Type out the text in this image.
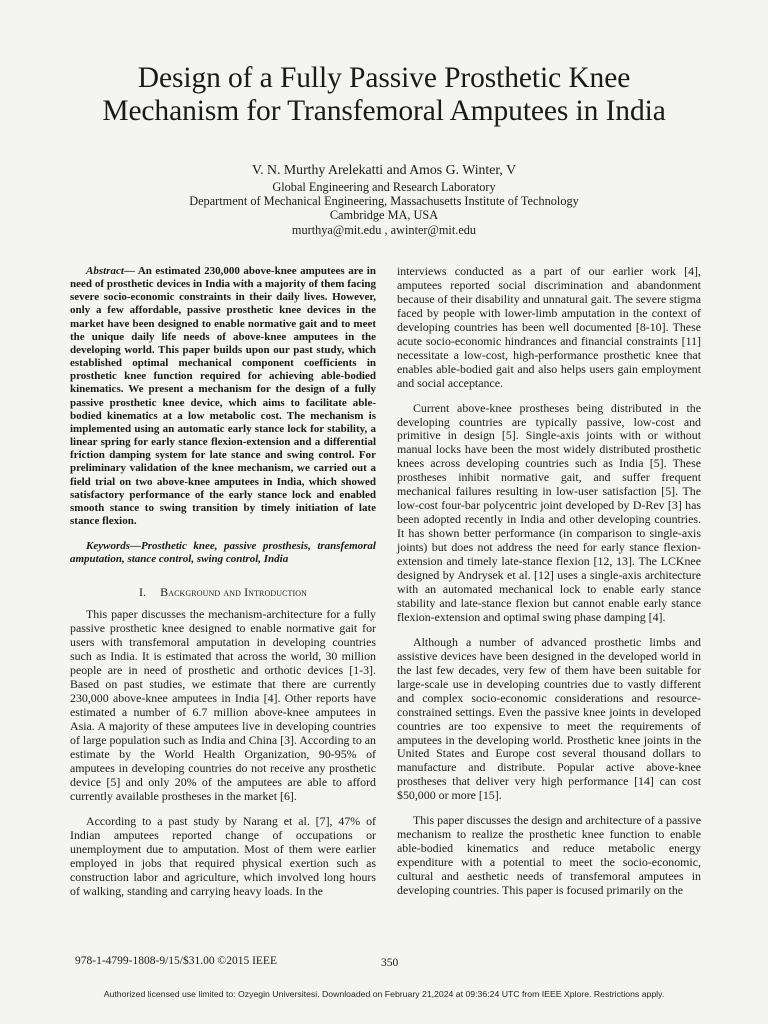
Design of a Fully Passive Prosthetic Knee
Mechanism for Transfemoral Amputees in India
V. N. Murthy Arelekatti and Amos G. Winter, V
Global Engineering and Research Laboratory
Department of Mechanical Engineering, Massachusetts Institute of Technology
Cambridge MA, USA
murthya@mit.edu , awinter@mit.edu

Abstract— An estimated 230,000 above-knee amputees are in need of prosthetic devices in India with a majority of them facing severe socio-economic constraints in their daily lives. However, only a few affordable, passive prosthetic knee devices in the market have been designed to enable normative gait and to meet the unique daily life needs of above-knee amputees in the developing world. This paper builds upon our past study, which established optimal mechanical component coefficients in prosthetic knee function required for achieving able-bodied kinematics. We present a mechanism for the design of a fully passive prosthetic knee device, which aims to facilitate able-bodied kinematics at a low metabolic cost. The mechanism is implemented using an automatic early stance lock for stability, a linear spring for early stance flexion-extension and a differential friction damping system for late stance and swing control. For preliminary validation of the knee mechanism, we carried out a field trial on two above-knee amputees in India, which showed satisfactory performance of the early stance lock and enabled smooth stance to swing transition by timely initiation of late stance flexion.

Keywords—Prosthetic knee, passive prosthesis, transfemoral amputation, stance control, swing control, India

I. Background and Introduction

This paper discusses the mechanism-architecture for a fully passive prosthetic knee designed to enable normative gait for users with transfemoral amputation in developing countries such as India. It is estimated that across the world, 30 million people are in need of prosthetic and orthotic devices [1-3]. Based on past studies, we estimate that there are currently 230,000 above-knee amputees in India [4]. Other reports have estimated a number of 6.7 million above-knee amputees in Asia. A majority of these amputees live in developing countries of large population such as India and China [3]. According to an estimate by the World Health Organization, 90-95% of amputees in developing countries do not receive any prosthetic device [5] and only 20% of the amputees are able to afford currently available prostheses in the market [6].

According to a past study by Narang et al. [7], 47% of Indian amputees reported change of occupations or unemployment due to amputation. Most of them were earlier employed in jobs that required physical exertion such as construction labor and agriculture, which involved long hours of walking, standing and carrying heavy loads. In the

interviews conducted as a part of our earlier work [4], amputees reported social discrimination and abandonment because of their disability and unnatural gait. The severe stigma faced by people with lower-limb amputation in the context of developing countries has been well documented [8-10]. These acute socio-economic hindrances and financial constraints [11] necessitate a low-cost, high-performance prosthetic knee that enables able-bodied gait and also helps users gain employment and social acceptance.

Current above-knee prostheses being distributed in the developing countries are typically passive, low-cost and primitive in design [5]. Single-axis joints with or without manual locks have been the most widely distributed prosthetic knees across developing countries such as India [5]. These prostheses inhibit normative gait, and suffer frequent mechanical failures resulting in low-user satisfaction [5]. The low-cost four-bar polycentric joint developed by D-Rev [3] has been adopted recently in India and other developing countries. It has shown better performance (in comparison to single-axis joints) but does not address the need for early stance flexion-extension and timely late-stance flexion [12, 13]. The LCKnee designed by Andrysek et al. [12] uses a single-axis architecture with an automated mechanical lock to enable early stance stability and late-stance flexion but cannot enable early stance flexion-extension and optimal swing phase damping [4].

Although a number of advanced prosthetic limbs and assistive devices have been designed in the developed world in the last few decades, very few of them have been suitable for large-scale use in developing countries due to vastly different and complex socio-economic considerations and resource-constrained settings. Even the passive knee joints in developed countries are too expensive to meet the requirements of amputees in the developing world. Prosthetic knee joints in the United States and Europe cost several thousand dollars to manufacture and distribute. Popular active above-knee prostheses that deliver very high performance [14] can cost $50,000 or more [15].

This paper discusses the design and architecture of a passive mechanism to realize the prosthetic knee function to enable able-bodied kinematics and reduce metabolic energy expenditure with a potential to meet the socio-economic, cultural and aesthetic needs of transfemoral amputees in developing countries. This paper is focused primarily on the

978-1-4799-1808-9/15/$31.00 ©2015 IEEE	350
Authorized licensed use limited to: Ozyegin Universitesi. Downloaded on February 21,2024 at 09:36:24 UTC from IEEE Xplore. Restrictions apply.
